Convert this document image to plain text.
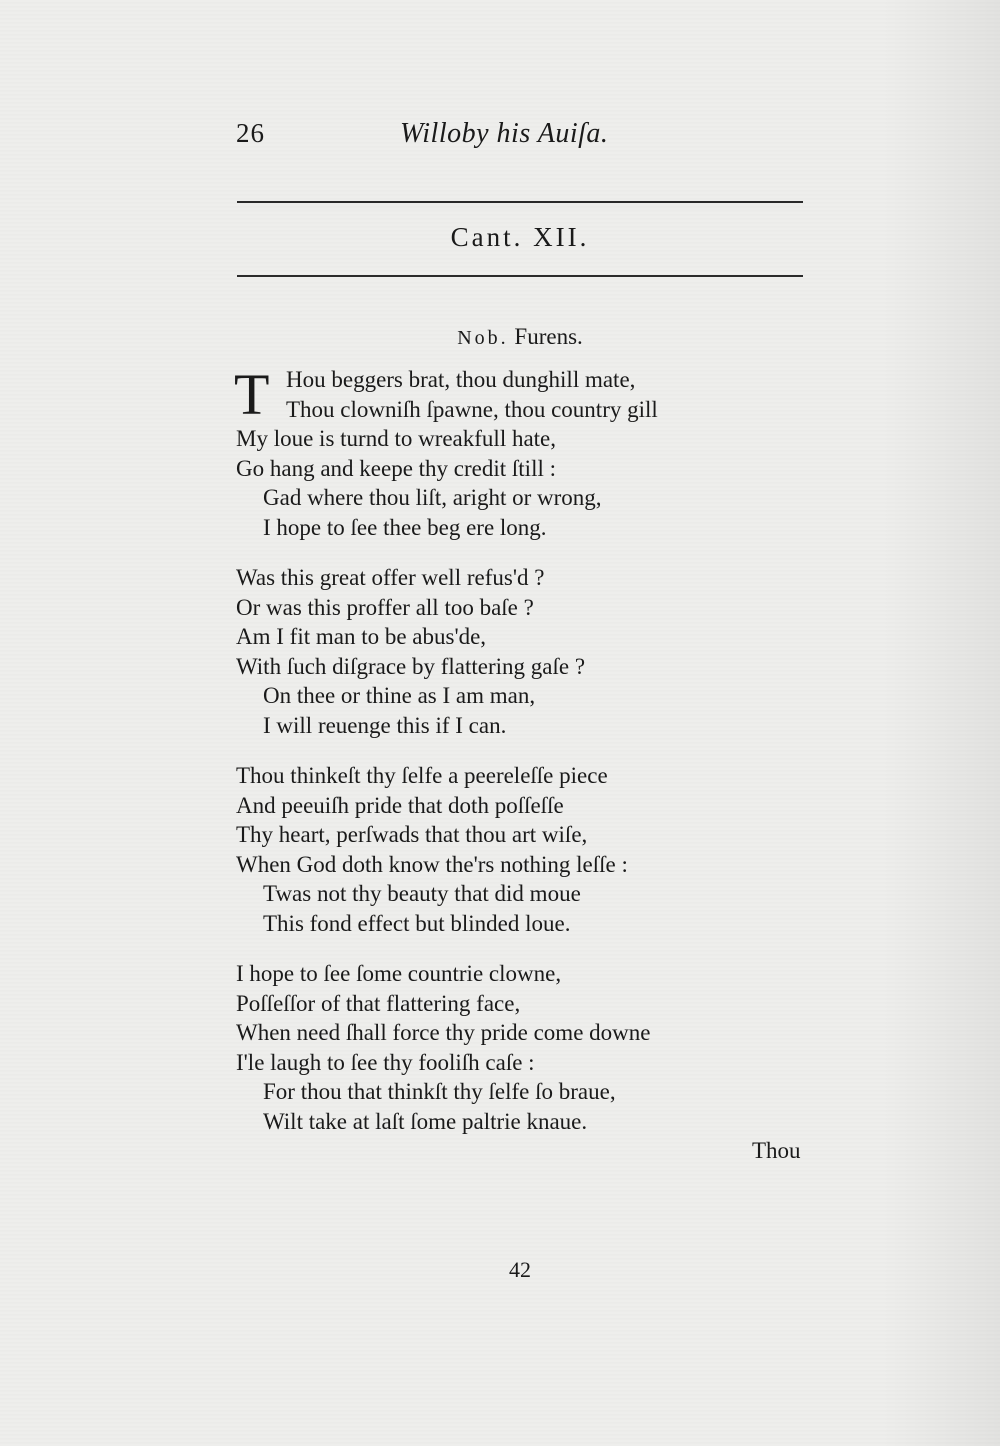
26	Willoby his Auiſa.
Cant. XII.
Nob. Furens.
T Hou beggers brat, thou dunghill mate,
Thou clowniſh ſpawne, thou country gill
My loue is turnd to wreakfull hate,
Go hang and keepe thy credit ſtill :
Gad where thou liſt, aright or wrong,
I hope to ſee thee beg ere long.
Was this great offer well refus'd ?
Or was this proffer all too baſe ?
Am I fit man to be abus'de,
With ſuch diſgrace by flattering gaſe ?
On thee or thine as I am man,
I will reuenge this if I can.
Thou thinkeſt thy ſelfe a peereleſſe piece
And peeuiſh pride that doth poſſeſſe
Thy heart, perſwads that thou art wiſe,
When God doth know the'rs nothing leſſe :
Twas not thy beauty that did moue
This fond effect but blinded loue.
I hope to ſee ſome countrie clowne,
Poſſeſſor of that flattering face,
When need ſhall force thy pride come downe
I'le laugh to ſee thy fooliſh caſe :
For thou that thinkſt thy ſelfe ſo braue,
Wilt take at laſt ſome paltrie knaue.
Thou
42
